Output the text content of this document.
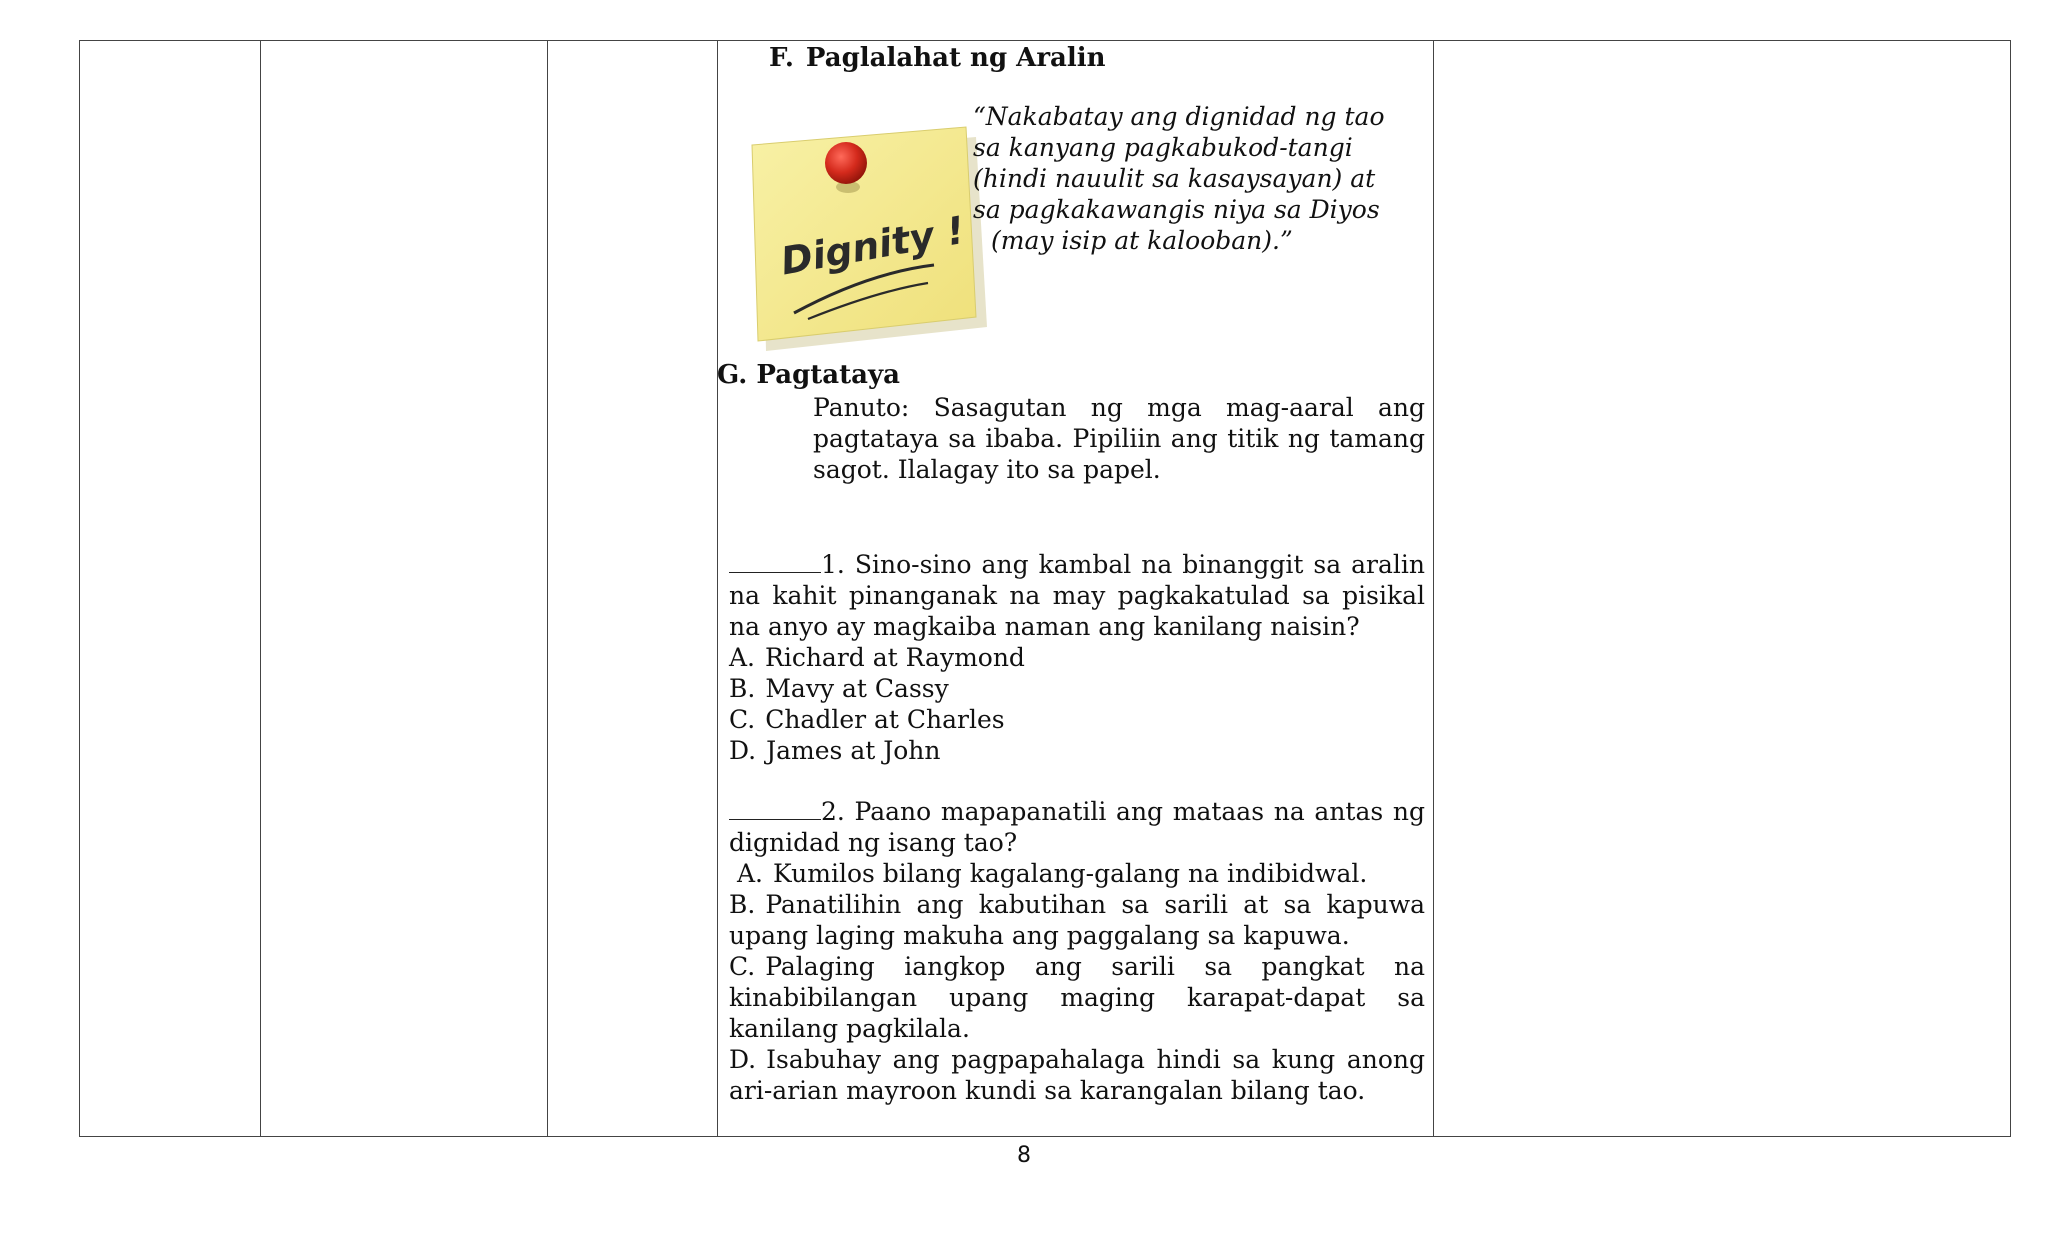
F. Paglalahat ng Aralin
Dignity !
“Nakabatay ang dignidad ng tao
sa kanyang pagkabukod-tangi
(hindi nauulit sa kasaysayan) at
sa pagkakawangis niya sa Diyos
(may isip at kalooban).”
G. Pagtataya
Panuto: Sasagutan ng mga mag-aaral ang pagtataya sa ibaba. Pipiliin ang titik ng tamang sagot. Ilalagay ito sa papel.
1. Sino-sino ang kambal na binanggit sa aralin na kahit pinanganak na may pagkakatulad sa pisikal na anyo ay magkaiba naman ang kanilang naisin?
A. Richard at Raymond
B. Mavy at Cassy
C. Chadler at Charles
D. James at John
2. Paano mapapanatili ang mataas na antas ng dignidad ng isang tao?
A. Kumilos bilang kagalang-galang na indibidwal.
B. Panatilihin ang kabutihan sa sarili at sa kapuwa upang laging makuha ang paggalang sa kapuwa.
C. Palaging iangkop ang sarili sa pangkat na kinabibilangan upang maging karapat-dapat sa kanilang pagkilala.
D. Isabuhay ang pagpapahalaga hindi sa kung anong ari-arian mayroon kundi sa karangalan bilang tao.
8
